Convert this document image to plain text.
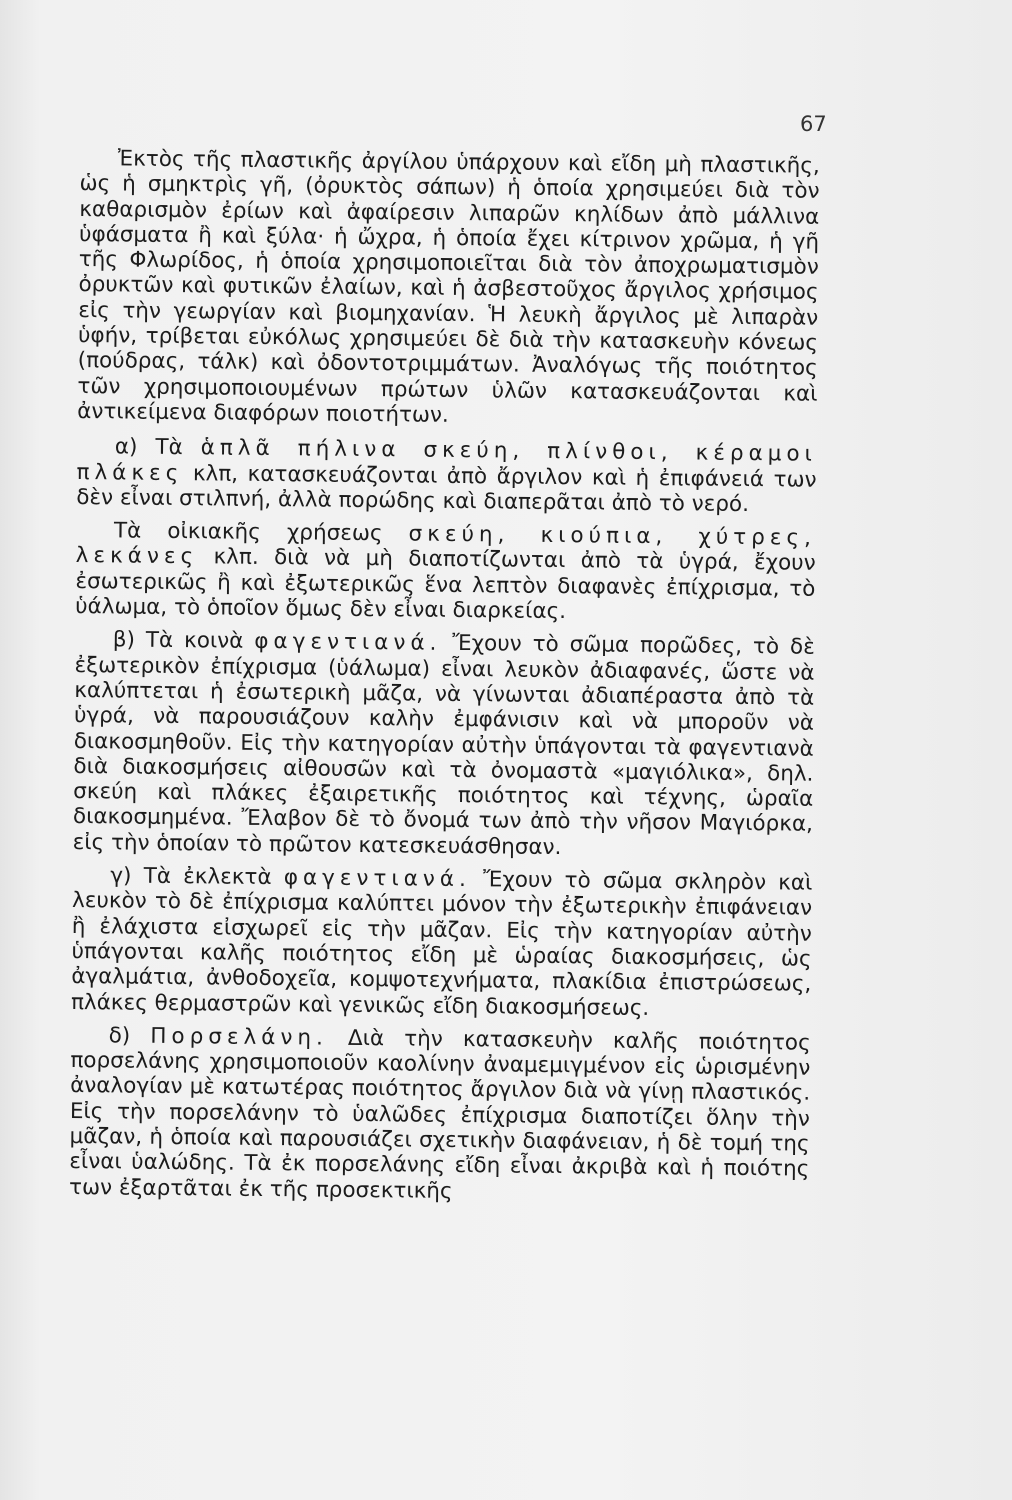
67

Ἐκτὸς τῆς πλαστικῆς ἀργίλου ὑπάρχουν καὶ εἴδη μὴ πλαστικῆς, ὡς ἡ σμηκτρὶς γῆ, (ὀρυκτὸς σάπων) ἡ ὁποία χρησιμεύει διὰ τὸν καθαρισμὸν ἐρίων καὶ ἀφαίρεσιν λιπαρῶν κηλίδων ἀπὸ μάλλινα ὑφάσματα ἢ καὶ ξύλα· ἡ ὤχρα, ἡ ὁποία ἔχει κίτρινον χρῶμα, ἡ γῆ τῆς Φλωρίδος, ἡ ὁποία χρησιμοποιεῖται διὰ τὸν ἀποχρωματισμὸν ὀρυκτῶν καὶ φυτικῶν ἐλαίων, καὶ ἡ ἀσβεστοῦχος ἄργιλος χρήσιμος εἰς τὴν γεωργίαν καὶ βιομηχανίαν. Ἡ λευκὴ ἄργιλος μὲ λιπαρὰν ὑφήν, τρίβεται εὐκόλως χρησιμεύει δὲ διὰ τὴν κατασκευὴν κόνεως (πούδρας, τάλκ) καὶ ὀδοντοτριμμάτων. Ἀναλόγως τῆς ποιότητος τῶν χρησιμοποιουμένων πρώτων ὑλῶν κατασκευάζονται καὶ ἀντικείμενα διαφόρων ποιοτήτων.

α) Τὰ ἁπλᾶ πήλινα σκεύη, πλίνθοι, κέραμοι πλάκες κλπ, κατασκευάζονται ἀπὸ ἄργιλον καὶ ἡ ἐπιφάνειά των δὲν εἶναι στιλπνή, ἀλλὰ πορώδης καὶ διαπερᾶται ἀπὸ τὸ νερό.

Τὰ οἰκιακῆς χρήσεως σκεύη, κιούπια, χύτρες, λεκάνες κλπ. διὰ νὰ μὴ διαποτίζωνται ἀπὸ τὰ ὑγρά, ἔχουν ἐσωτερικῶς ἢ καὶ ἐξωτερικῶς ἕνα λεπτὸν διαφανὲς ἐπίχρισμα, τὸ ὑάλωμα, τὸ ὁποῖον ὅμως δὲν εἶναι διαρκείας.

β) Τὰ κοινὰ φαγεντιανά. Ἔχουν τὸ σῶμα πορῶδες, τὸ δὲ ἐξωτερικὸν ἐπίχρισμα (ὑάλωμα) εἶναι λευκὸν ἀδιαφανές, ὥστε νὰ καλύπτεται ἡ ἐσωτερικὴ μᾶζα, νὰ γίνωνται ἀδιαπέραστα ἀπὸ τὰ ὑγρά, νὰ παρουσιάζουν καλὴν ἐμφάνισιν καὶ νὰ μποροῦν νὰ διακοσμηθοῦν. Εἰς τὴν κατηγορίαν αὐτὴν ὑπάγονται τὰ φαγεντιανὰ διὰ διακοσμήσεις αἰθουσῶν καὶ τὰ ὀνομαστὰ «μαγιόλικα», δηλ. σκεύη καὶ πλάκες ἐξαιρετικῆς ποιότητος καὶ τέχνης, ὡραῖα διακοσμημένα. Ἔλαβον δὲ τὸ ὄνομά των ἀπὸ τὴν νῆσον Μαγιόρκα, εἰς τὴν ὁποίαν τὸ πρῶτον κατεσκευάσθησαν.

γ) Τὰ ἐκλεκτὰ φαγεντιανά. Ἔχουν τὸ σῶμα σκληρὸν καὶ λευκὸν τὸ δὲ ἐπίχρισμα καλύπτει μόνον τὴν ἐξωτερικὴν ἐπιφάνειαν ἢ ἐλάχιστα εἰσχωρεῖ εἰς τὴν μᾶζαν. Εἰς τὴν κατηγορίαν αὐτὴν ὑπάγονται καλῆς ποιότητος εἴδη μὲ ὡραίας διακοσμήσεις, ὡς ἀγαλμάτια, ἀνθοδοχεῖα, κομψοτεχνήματα, πλακίδια ἐπιστρώσεως, πλάκες θερμαστρῶν καὶ γενικῶς εἴδη διακοσμήσεως.

δ) Πορσελάνη. Διὰ τὴν κατασκευὴν καλῆς ποιότητος πορσελάνης χρησιμοποιοῦν καολίνην ἀναμεμιγμένον εἰς ὡρισμένην ἀναλογίαν μὲ κατωτέρας ποιότητος ἄργιλον διὰ νὰ γίνῃ πλαστικός. Εἰς τὴν πορσελάνην τὸ ὑαλῶδες ἐπίχρισμα διαποτίζει ὅλην τὴν μᾶζαν, ἡ ὁποία καὶ παρουσιάζει σχετικὴν διαφάνειαν, ἡ δὲ τομή της εἶναι ὑαλώδης. Τὰ ἐκ πορσελάνης εἴδη εἶναι ἀκριβὰ καὶ ἡ ποιότης των ἐξαρτᾶται ἐκ τῆς προσεκτικῆς
